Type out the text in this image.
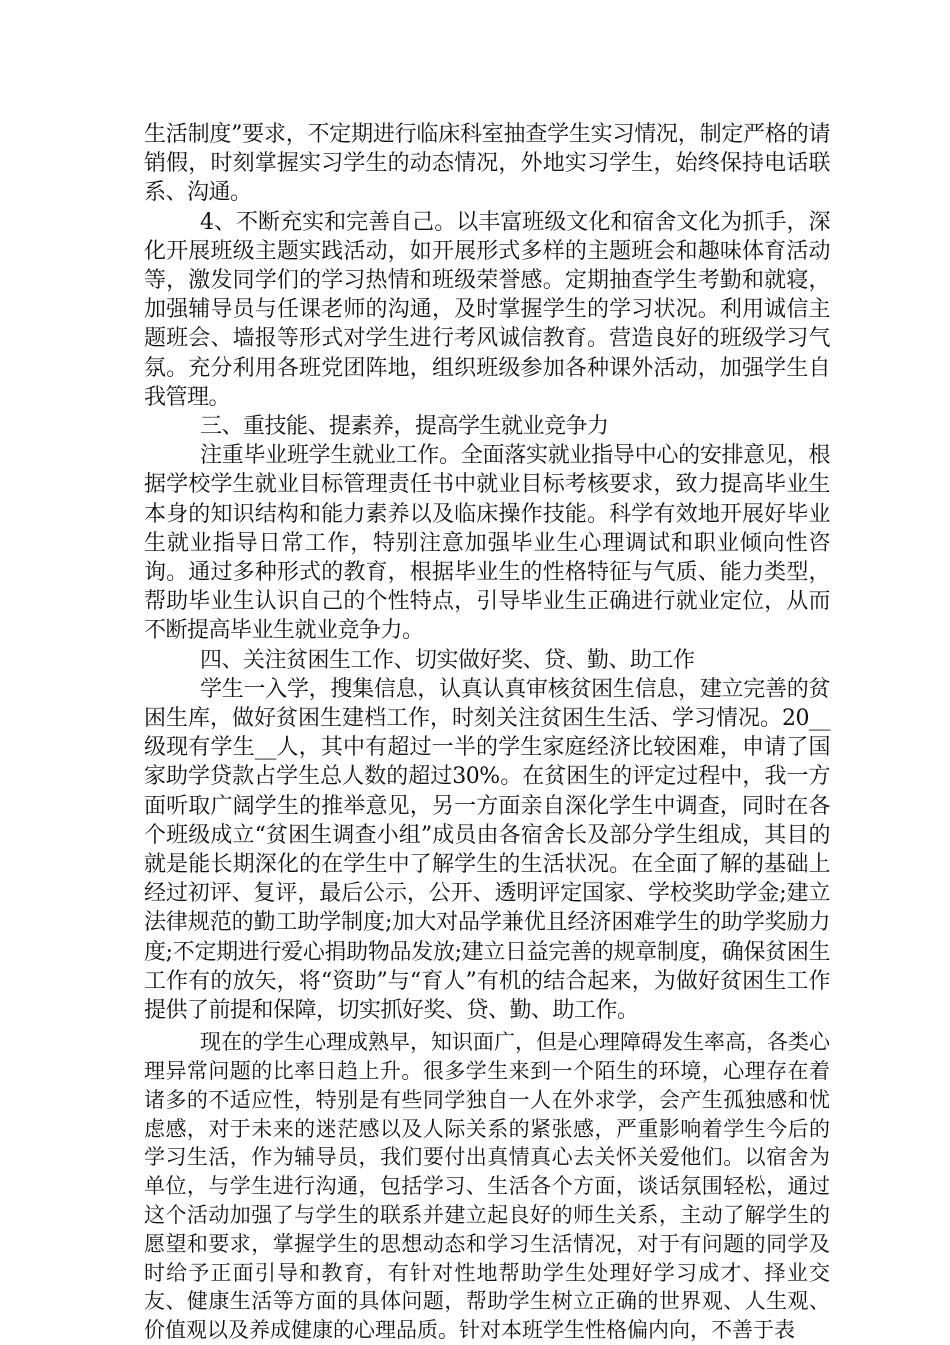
生活制度”要求，不定期进行临床科室抽查学生实习情况，制定严格的请销假，时刻掌握实习学生的动态情况，外地实习学生，始终保持电话联系、沟通。

4、不断充实和完善自己。以丰富班级文化和宿舍文化为抓手，深化开展班级主题实践活动，如开展形式多样的主题班会和趣味体育活动等，激发同学们的学习热情和班级荣誉感。定期抽查学生考勤和就寝，加强辅导员与任课老师的沟通，及时掌握学生的学习状况。利用诚信主题班会、墙报等形式对学生进行考风诚信教育。营造良好的班级学习气氛。充分利用各班党团阵地，组织班级参加各种课外活动，加强学生自我管理。

三、重技能、提素养，提高学生就业竞争力

注重毕业班学生就业工作。全面落实就业指导中心的安排意见，根据学校学生就业目标管理责任书中就业目标考核要求，致力提高毕业生本身的知识结构和能力素养以及临床操作技能。科学有效地开展好毕业生就业指导日常工作，特别注意加强毕业生心理调试和职业倾向性咨询。通过多种形式的教育，根据毕业生的性格特征与气质、能力类型，帮助毕业生认识自己的个性特点，引导毕业生正确进行就业定位，从而不断提高毕业生就业竞争力。

四、关注贫困生工作、切实做好奖、贷、勤、助工作

学生一入学，搜集信息，认真认真审核贫困生信息，建立完善的贫困生库，做好贫困生建档工作，时刻关注贫困生生活、学习情况。20__级现有学生__人，其中有超过一半的学生家庭经济比较困难，申请了国家助学贷款占学生总人数的超过30%。在贫困生的评定过程中，我一方面听取广阔学生的推举意见，另一方面亲自深化学生中调查，同时在各个班级成立“贫困生调查小组”成员由各宿舍长及部分学生组成，其目的就是能长期深化的在学生中了解学生的生活状况。在全面了解的基础上经过初评、复评，最后公示，公开、透明评定国家、学校奖助学金;建立法律规范的勤工助学制度;加大对品学兼优且经济困难学生的助学奖励力度;不定期进行爱心捐助物品发放;建立日益完善的规章制度，确保贫困生工作有的放矢，将“资助”与“育人”有机的结合起来，为做好贫困生工作提供了前提和保障，切实抓好奖、贷、勤、助工作。

现在的学生心理成熟早，知识面广，但是心理障碍发生率高，各类心理异常问题的比率日趋上升。很多学生来到一个陌生的环境，心理存在着诸多的不适应性，特别是有些同学独自一人在外求学，会产生孤独感和忧虑感，对于未来的迷茫感以及人际关系的紧张感，严重影响着学生今后的学习生活，作为辅导员，我们要付出真情真心去关怀关爱他们。以宿舍为单位，与学生进行沟通，包括学习、生活各个方面，谈话氛围轻松，通过这个活动加强了与学生的联系并建立起良好的师生关系，主动了解学生的愿望和要求，掌握学生的思想动态和学习生活情况，对于有问题的同学及时给予正面引导和教育，有针对性地帮助学生处理好学习成才、择业交友、健康生活等方面的具体问题，帮助学生树立正确的世界观、人生观、价值观以及养成健康的心理品质。针对本班学生性格偏内向，不善于表
